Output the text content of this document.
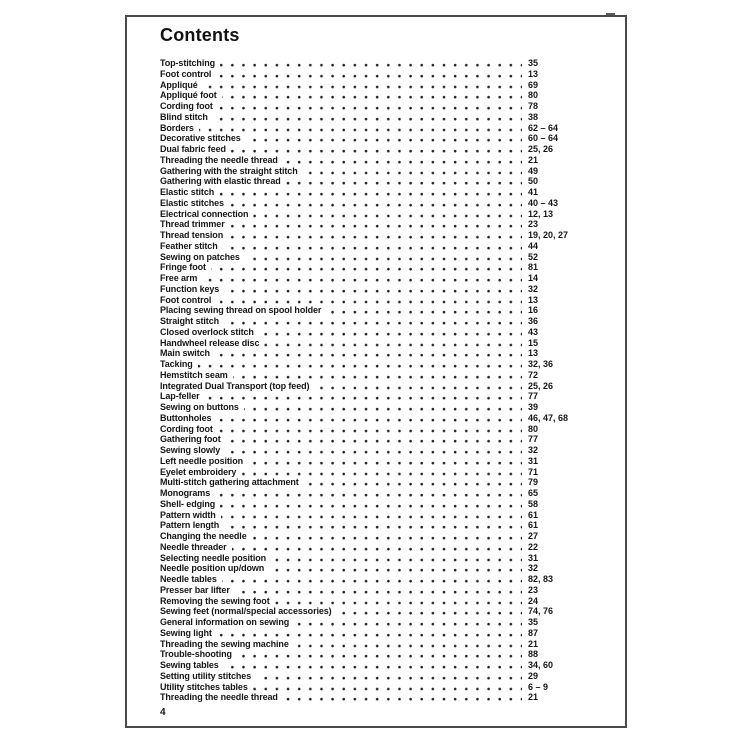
Contents
Top-stitching	35
Foot control	13
Appliqué	69
Appliqué foot	80
Cording foot	78
Blind stitch	38
Borders	62 – 64
Decorative stitches	60 – 64
Dual fabric feed	25, 26
Threading the needle thread	21
Gathering with the straight stitch	49
Gathering with elastic thread	50
Elastic stitch	41
Elastic stitches	40 – 43
Electrical connection	12, 13
Thread trimmer	23
Thread tension	19, 20, 27
Feather stitch	44
Sewing on patches	52
Fringe foot	81
Free arm	14
Function keys	32
Foot control	13
Placing sewing thread on spool holder	16
Straight stitch	36
Closed overlock stitch	43
Handwheel release disc	15
Main switch	13
Tacking	32, 36
Hemstitch seam	72
Integrated Dual Transport (top feed)	25, 26
Lap-feller	77
Sewing on buttons	39
Buttonholes	46, 47, 68
Cording foot	80
Gathering foot	77
Sewing slowly	32
Left needle position	31
Eyelet embroidery	71
Multi-stitch gathering attachment	79
Monograms	65
Shell- edging	58
Pattern width	61
Pattern length	61
Changing the needle	27
Needle threader	22
Selecting needle position	31
Needle position up/down	32
Needle tables	82, 83
Presser bar lifter	23
Removing the sewing foot	24
Sewing feet (normal/special accessories)	74, 76
General information on sewing	35
Sewing light	87
Threading the sewing machine	21
Trouble-shooting	88
Sewing tables	34, 60
Setting utility stitches	29
Utility stitches tables	6 – 9
Threading the needle thread	21
4
